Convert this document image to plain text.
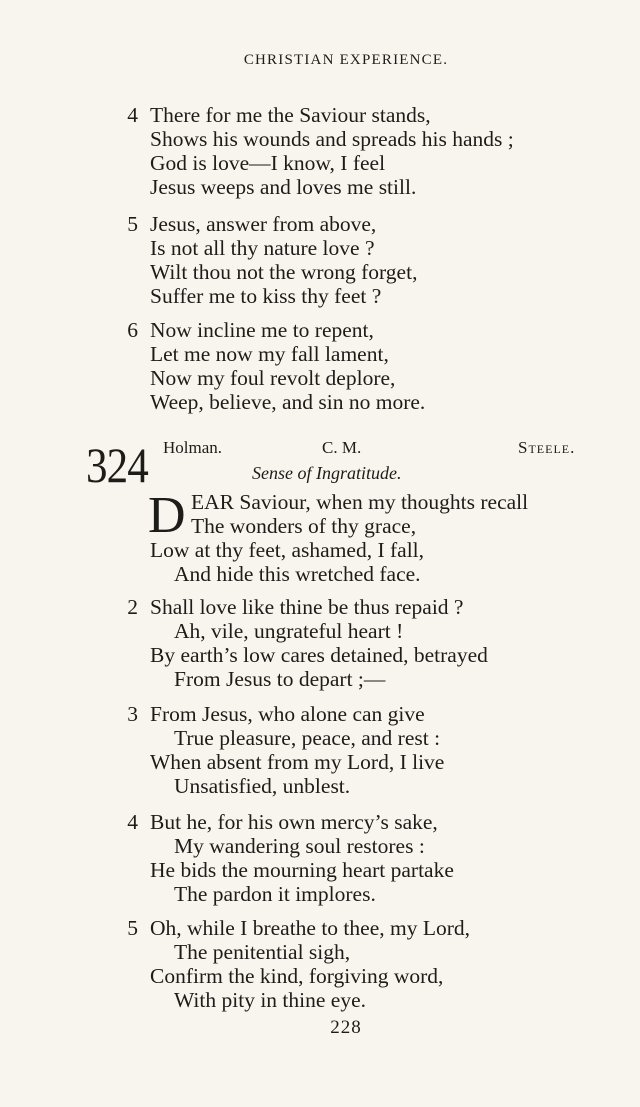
CHRISTIAN EXPERIENCE.
4 There for me the Saviour stands,
Shows his wounds and spreads his hands ;
God is love—I know, I feel
Jesus weeps and loves me still.
5 Jesus, answer from above,
Is not all thy nature love ?
Wilt thou not the wrong forget,
Suffer me to kiss thy feet ?
6 Now incline me to repent,
Let me now my fall lament,
Now my foul revolt deplore,
Weep, believe, and sin no more.
324 Holman.	C. M.	Steele.
Sense of Ingratitude.
D EAR Saviour, when my thoughts recall
The wonders of thy grace,
Low at thy feet, ashamed, I fall,
And hide this wretched face.
2 Shall love like thine be thus repaid ?
Ah, vile, ungrateful heart !
By earth’s low cares detained, betrayed
From Jesus to depart ;—
3 From Jesus, who alone can give
True pleasure, peace, and rest :
When absent from my Lord, I live
Unsatisfied, unblest.
4 But he, for his own mercy’s sake,
My wandering soul restores :
He bids the mourning heart partake
The pardon it implores.
5 Oh, while I breathe to thee, my Lord,
The penitential sigh,
Confirm the kind, forgiving word,
With pity in thine eye.
228
